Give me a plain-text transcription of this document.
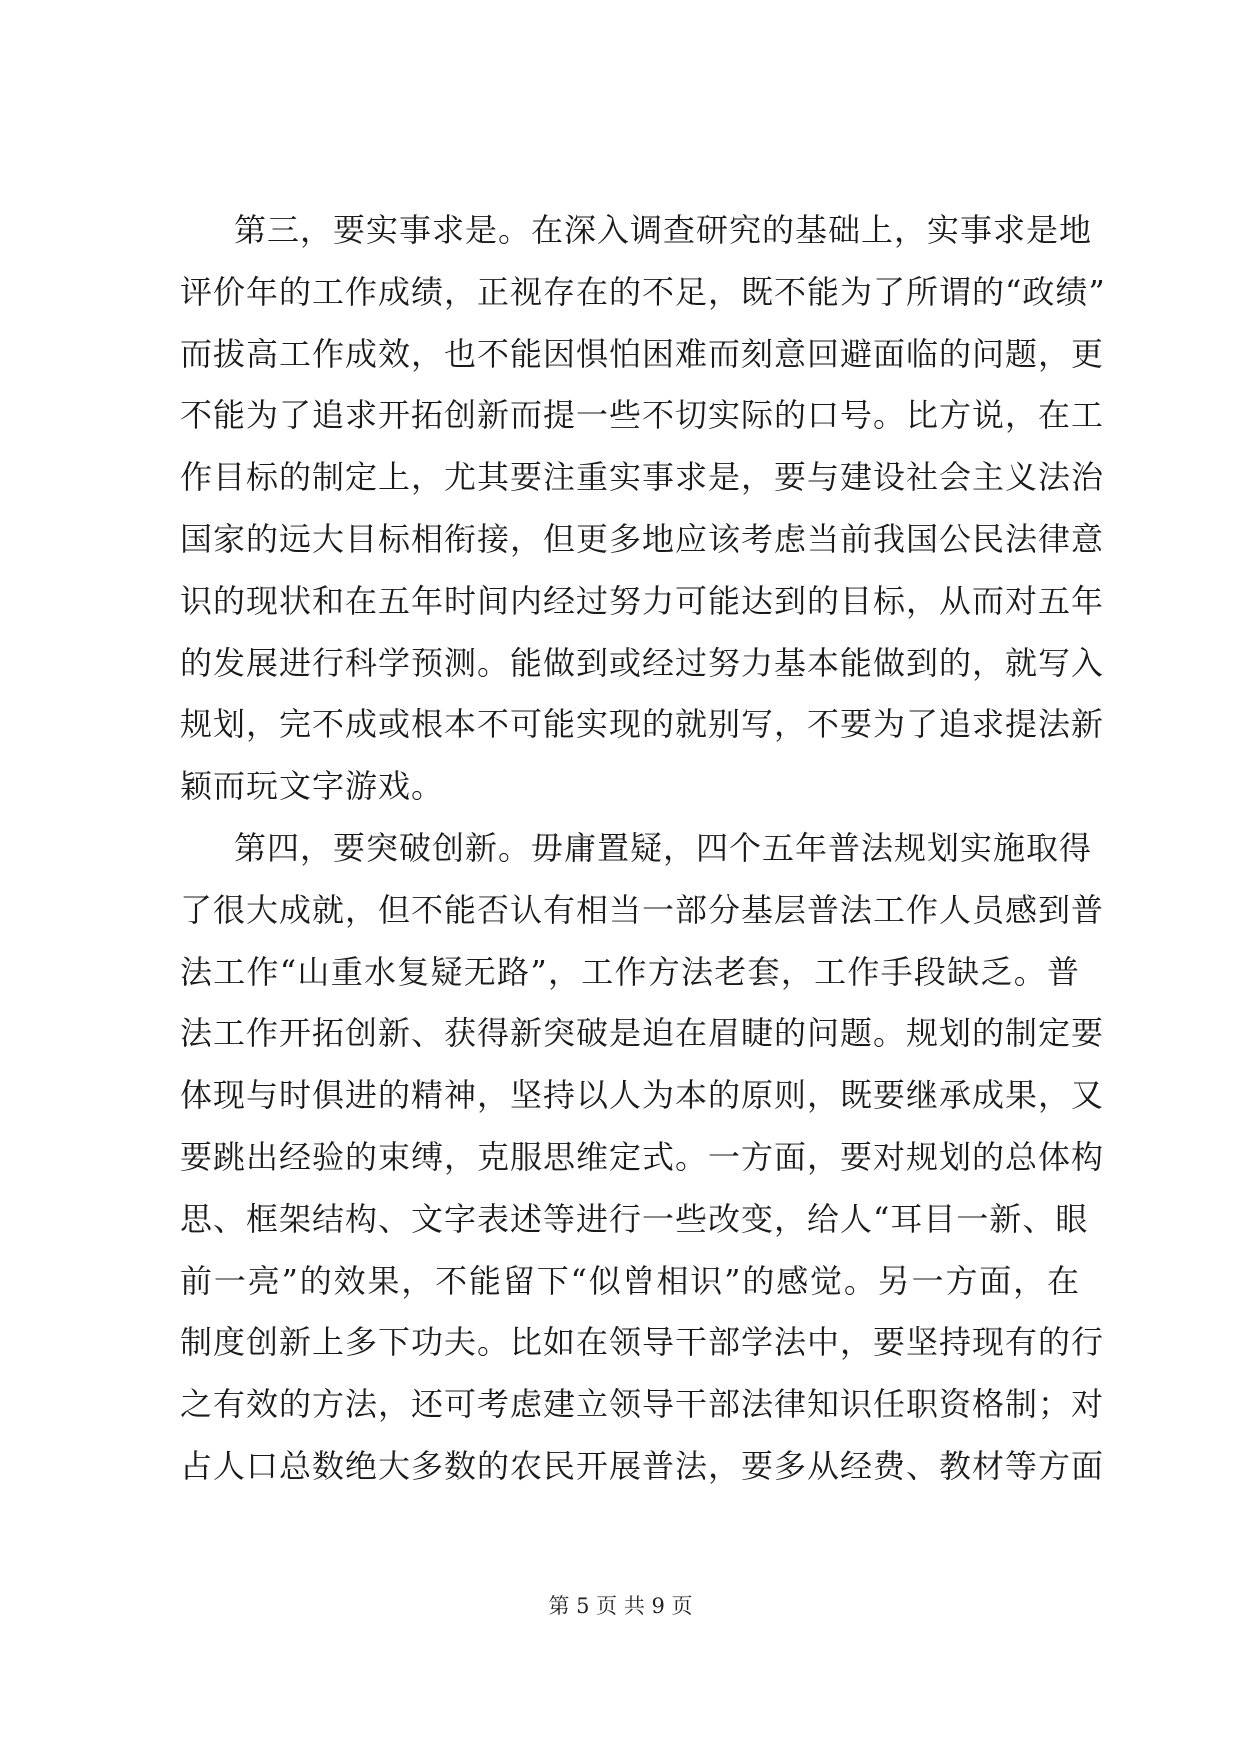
第三，要实事求是。在深入调查研究的基础上，实事求是地
评价年的工作成绩，正视存在的不足，既不能为了所谓的“政绩”
而拔高工作成效，也不能因惧怕困难而刻意回避面临的问题，更
不能为了追求开拓创新而提一些不切实际的口号。比方说，在工
作目标的制定上，尤其要注重实事求是，要与建设社会主义法治
国家的远大目标相衔接，但更多地应该考虑当前我国公民法律意
识的现状和在五年时间内经过努力可能达到的目标，从而对五年
的发展进行科学预测。能做到或经过努力基本能做到的，就写入
规划，完不成或根本不可能实现的就别写，不要为了追求提法新
颖而玩文字游戏。
第四，要突破创新。毋庸置疑，四个五年普法规划实施取得
了很大成就，但不能否认有相当一部分基层普法工作人员感到普
法工作“山重水复疑无路”，工作方法老套，工作手段缺乏。普
法工作开拓创新、获得新突破是迫在眉睫的问题。规划的制定要
体现与时俱进的精神，坚持以人为本的原则，既要继承成果，又
要跳出经验的束缚，克服思维定式。一方面，要对规划的总体构
思、框架结构、文字表述等进行一些改变，给人“耳目一新、眼
前一亮”的效果，不能留下“似曾相识”的感觉。另一方面，在
制度创新上多下功夫。比如在领导干部学法中，要坚持现有的行
之有效的方法，还可考虑建立领导干部法律知识任职资格制；对
占人口总数绝大多数的农民开展普法，要多从经费、教材等方面
第 5 页 共 9 页
